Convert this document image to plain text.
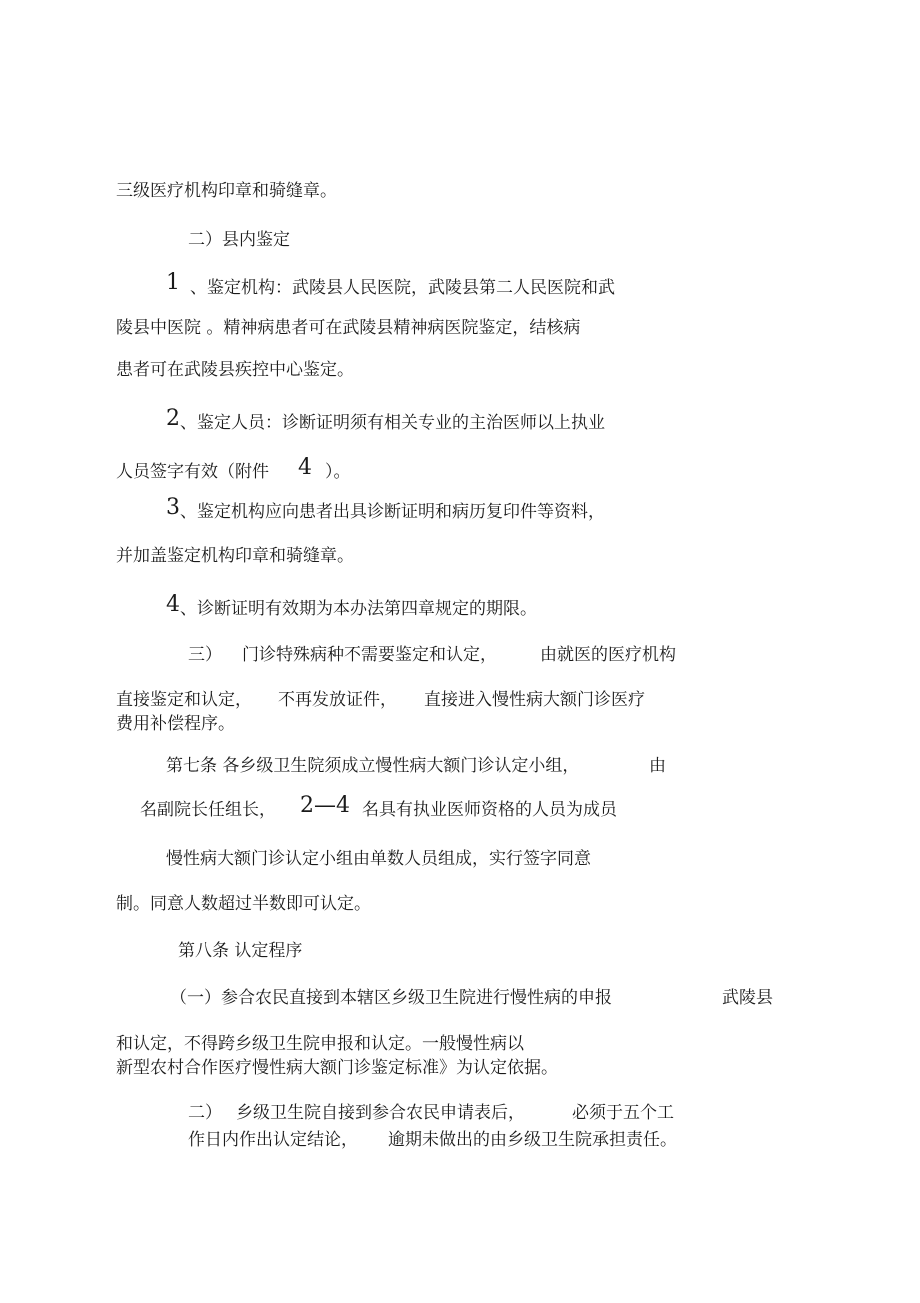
三级医疗机构印章和骑缝章。
二）县内鉴定
1 、鉴定机构：武陵县人民医院，武陵县第二人民医院和武
陵县中医院 。精神病患者可在武陵县精神病医院鉴定，结核病
患者可在武陵县疾控中心鉴定。
2 、鉴定人员：诊断证明须有相关专业的主治医师以上执业
人员签字有效（附件 4 ）。
3 、鉴定机构应向患者出具诊断证明和病历复印件等资料，
并加盖鉴定机构印章和骑缝章。
4 、诊断证明有效期为本办法第四章规定的期限。
三） 门诊特殊病种不需要鉴定和认定，	由就医的医疗机构
直接鉴定和认定， 不再发放证件， 直接进入慢性病大额门诊医疗
费用补偿程序。
第七条 各乡级卫生院须成立慢性病大额门诊认定小组，	由
名副院长任组长， 2—4 名具有执业医师资格的人员为成员
慢性病大额门诊认定小组由单数人员组成，实行签字同意
制。同意人数超过半数即可认定。
第八条 认定程序
（一）参合农民直接到本辖区乡级卫生院进行慢性病的申报	武陵县
和认定，不得跨乡级卫生院申报和认定。一般慢性病以
新型农村合作医疗慢性病大额门诊鉴定标准》为认定依据。
二） 乡级卫生院自接到参合农民申请表后，	必须于五个工
作日内作出认定结论， 逾期未做出的由乡级卫生院承担责任。
